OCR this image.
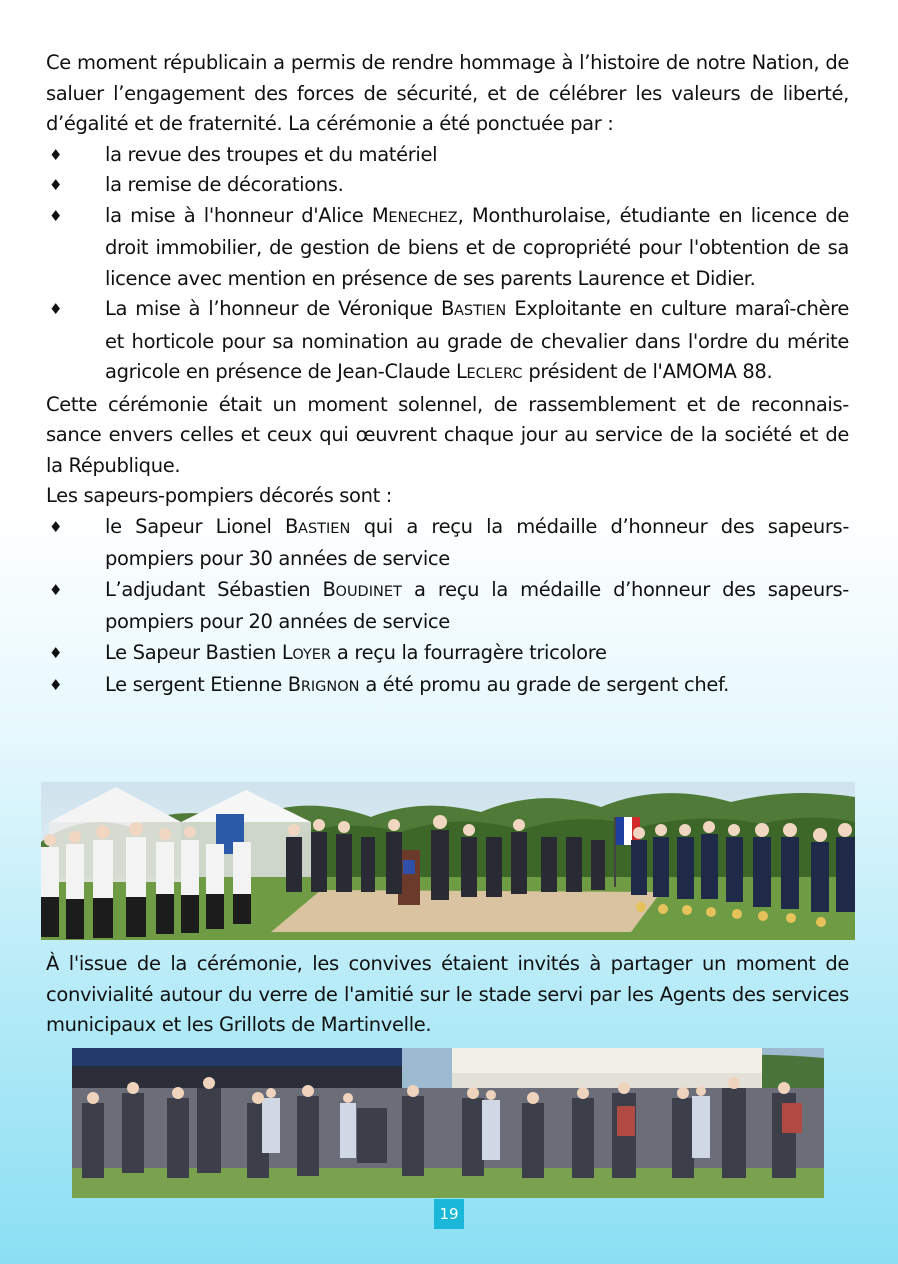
Ce moment républicain a permis de rendre hommage à l’histoire de notre Nation, de saluer l’engagement des forces de sécurité, et de célébrer les valeurs de liberté, d’égalité et de fraternité. La cérémonie a été ponctuée par :

♦ la revue des troupes et du matériel
♦ la remise de décorations.
♦ la mise à l'honneur d'Alice MENECHEZ, Monthurolaise, étudiante en licence de droit immobilier, de gestion de biens et de copropriété pour l'obtention de sa licence avec mention en présence de ses parents Laurence et Didier.
♦ La mise à l’honneur de Véronique BASTIEN Exploitante en culture maraî-chère et horticole pour sa nomination au grade de chevalier dans l'ordre du mérite agricole en présence de Jean-Claude LECLERC président de l'AMOMA 88.

Cette cérémonie était un moment solennel, de rassemblement et de reconnais-sance envers celles et ceux qui œuvrent chaque jour au service de la société et de la République.

Les sapeurs-pompiers décorés sont :

♦ le Sapeur Lionel BASTIEN qui a reçu la médaille d’honneur des sapeurs-pompiers pour 30 années de service
♦ L’adjudant Sébastien BOUDINET a reçu la médaille d’honneur des sapeurs-pompiers pour 20 années de service
♦ Le Sapeur Bastien LOYER a reçu la fourragère tricolore
♦ Le sergent Etienne BRIGNON a été promu au grade de sergent chef.

À l'issue de la cérémonie, les convives étaient invités à partager un moment de convivialité autour du verre de l'amitié sur le stade servi par les Agents des services municipaux et les Grillots de Martinvelle.

19
